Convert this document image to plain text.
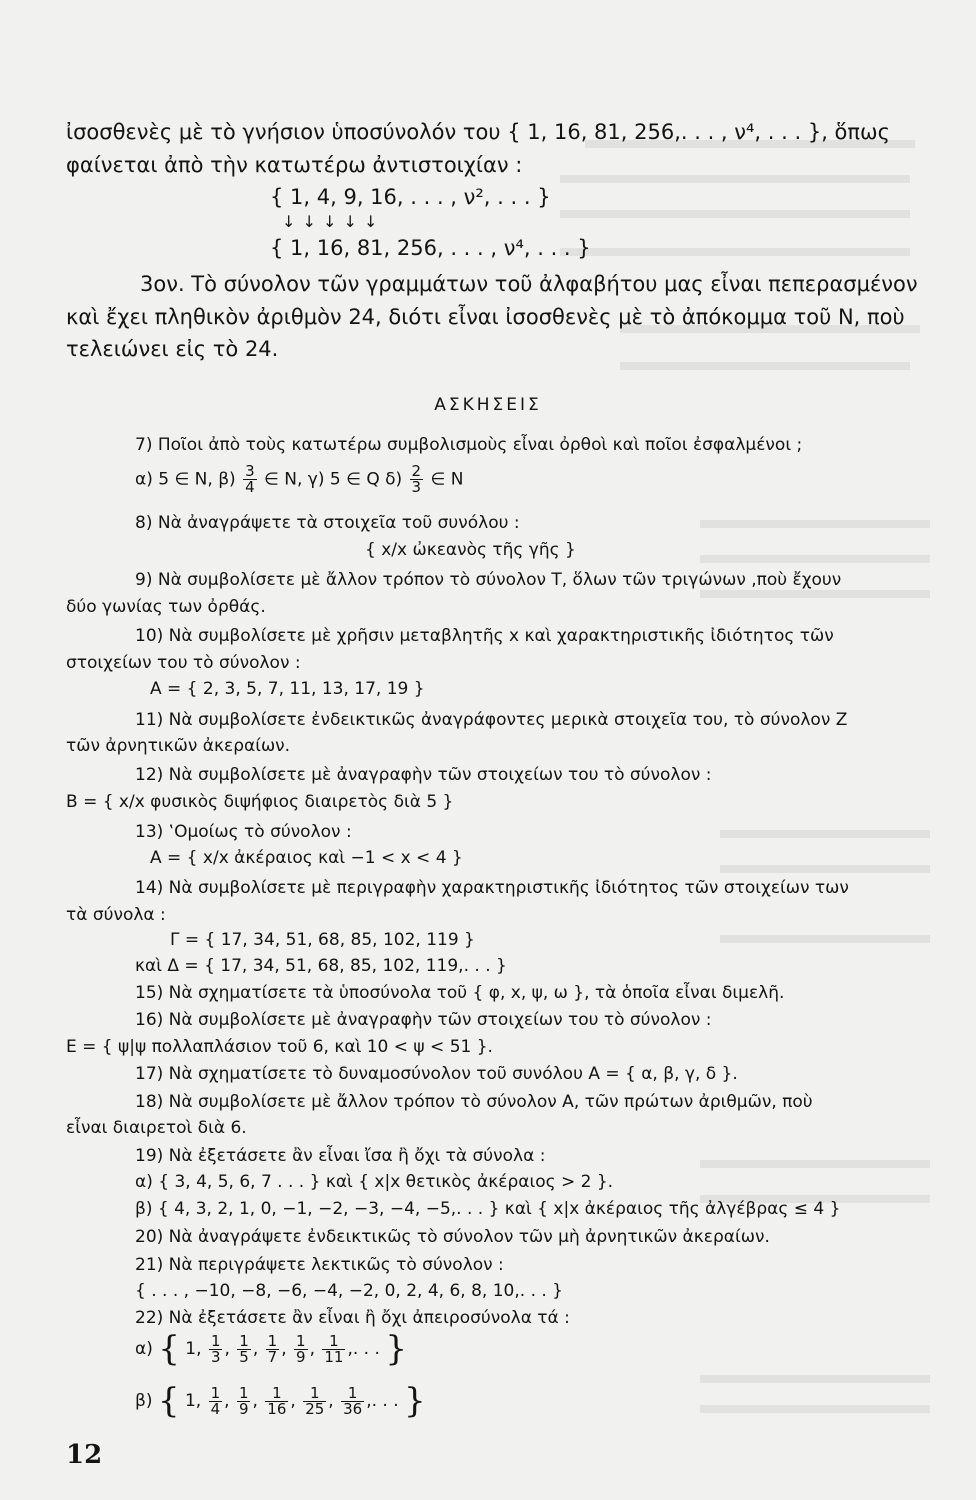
ἰσοσθενὲς μὲ τὸ γνήσιον ὑποσύνολόν του { 1, 16, 81, 256,. . . , ν⁴, . . . }, ὅπως
φαίνεται ἀπὸ τὴν κατωτέρω ἀντιστοιχίαν :
{ 1, 4, 9, 16, . . . , ν², . . . }
↓ ↓ ↓ ↓ ↓
{ 1, 16, 81, 256, . . . , ν⁴, . . . }
3ον. Τὸ σύνολον τῶν γραμμάτων τοῦ ἀλφαβήτου μας εἶναι πεπερασμένον
καὶ ἔχει πληθικὸν ἀριθμὸν 24, διότι εἶναι ἰσοσθενὲς μὲ τὸ ἀπόκομμα τοῦ Ν, ποὺ
τελειώνει εἰς τὸ 24.
ΑΣΚΗΣΕΙΣ
7) Ποῖοι ἀπὸ τοὺς κατωτέρω συμβολισμοὺς εἶναι ὀρθοὶ καὶ ποῖοι ἐσφαλμένοι ;
α) 5 ∈ Ν, $\beta) \frac{3}{4}$ ∈ Ν, γ) 5 ∈ Q $\delta) \frac{2}{3}$ ∈ Ν
8) Νὰ ἀναγράψετε τὰ στοιχεῖα τοῦ συνόλου :
{ x/x ὠκεανὸς τῆς γῆς }
9) Νὰ συμβολίσετε μὲ ἄλλον τρόπον τὸ σύνολον Τ, ὅλων τῶν τριγώνων ,ποὺ ἔχουν
δύο γωνίας των ὀρθάς.
10) Νὰ συμβολίσετε μὲ χρῆσιν μεταβλητῆς x καὶ χαρακτηριστικῆς ἰδιότητος τῶν
στοιχείων του τὸ σύνολον :
Α = { 2, 3, 5, 7, 11, 13, 17, 19 }
11) Νὰ συμβολίσετε ἐνδεικτικῶς ἀναγράφοντες μερικὰ στοιχεῖα του, τὸ σύνολον Ζ
τῶν ἀρνητικῶν ἀκεραίων.
12) Νὰ συμβολίσετε μὲ ἀναγραφὴν τῶν στοιχείων του τὸ σύνολον :
Β = { x/x φυσικὸς διψήφιος διαιρετὸς διὰ 5 }
13) ‛Ομοίως τὸ σύνολον :
Α = { x/x ἀκέραιος καὶ −1 < x < 4 }
14) Νὰ συμβολίσετε μὲ περιγραφὴν χαρακτηριστικῆς ἰδιότητος τῶν στοιχείων των
τὰ σύνολα :
Γ = { 17, 34, 51, 68, 85, 102, 119 }
καὶ Δ = { 17, 34, 51, 68, 85, 102, 119,. . . }
15) Νὰ σχηματίσετε τὰ ὑποσύνολα τοῦ { φ, x, ψ, ω }, τὰ ὁποῖα εἶναι διμελῆ.
16) Νὰ συμβολίσετε μὲ ἀναγραφὴν τῶν στοιχείων του τὸ σύνολον :
Ε = { ψ|ψ πολλαπλάσιον τοῦ 6, καὶ 10 < ψ < 51 }.
17) Νὰ σχηματίσετε τὸ δυναμοσύνολον τοῦ συνόλου Α = { α, β, γ, δ }.
18) Νὰ συμβολίσετε μὲ ἄλλον τρόπον τὸ σύνολον Α, τῶν πρώτων ἀριθμῶν, ποὺ
εἶναι διαιρετοὶ διὰ 6.
19) Νὰ ἐξετάσετε ἂν εἶναι ἴσα ἢ ὄχι τὰ σύνολα :
α) { 3, 4, 5, 6, 7 . . . } καὶ { x|x θετικὸς ἀκέραιος > 2 }.
β) { 4, 3, 2, 1, 0, −1, −2, −3, −4, −5,. . . } καὶ { x|x ἀκέραιος τῆς ἀλγέβρας ≤ 4 }
20) Νὰ ἀναγράψετε ἐνδεικτικῶς τὸ σύνολον τῶν μὴ ἀρνητικῶν ἀκεραίων.
21) Νὰ περιγράψετε λεκτικῶς τὸ σύνολον :
{ . . . , −10, −8, −6, −4, −2, 0, 2, 4, 6, 8, 10,. . . }
22) Νὰ ἐξετάσετε ἂν εἶναι ἢ ὄχι ἀπειροσύνολα τά :
α) { 1, $\frac{1}{3}$ , $\frac{1}{5}$ , $\frac{1}{7}$ , $\frac{1}{9}$ , $\frac{1}{11}$ ,. . . }
β) { 1, $\frac{1}{4}$ , $\frac{1}{9}$ , $\frac{1}{16}$ , $\frac{1}{25}$ , $\frac{1}{36}$ ,. . . }
12
